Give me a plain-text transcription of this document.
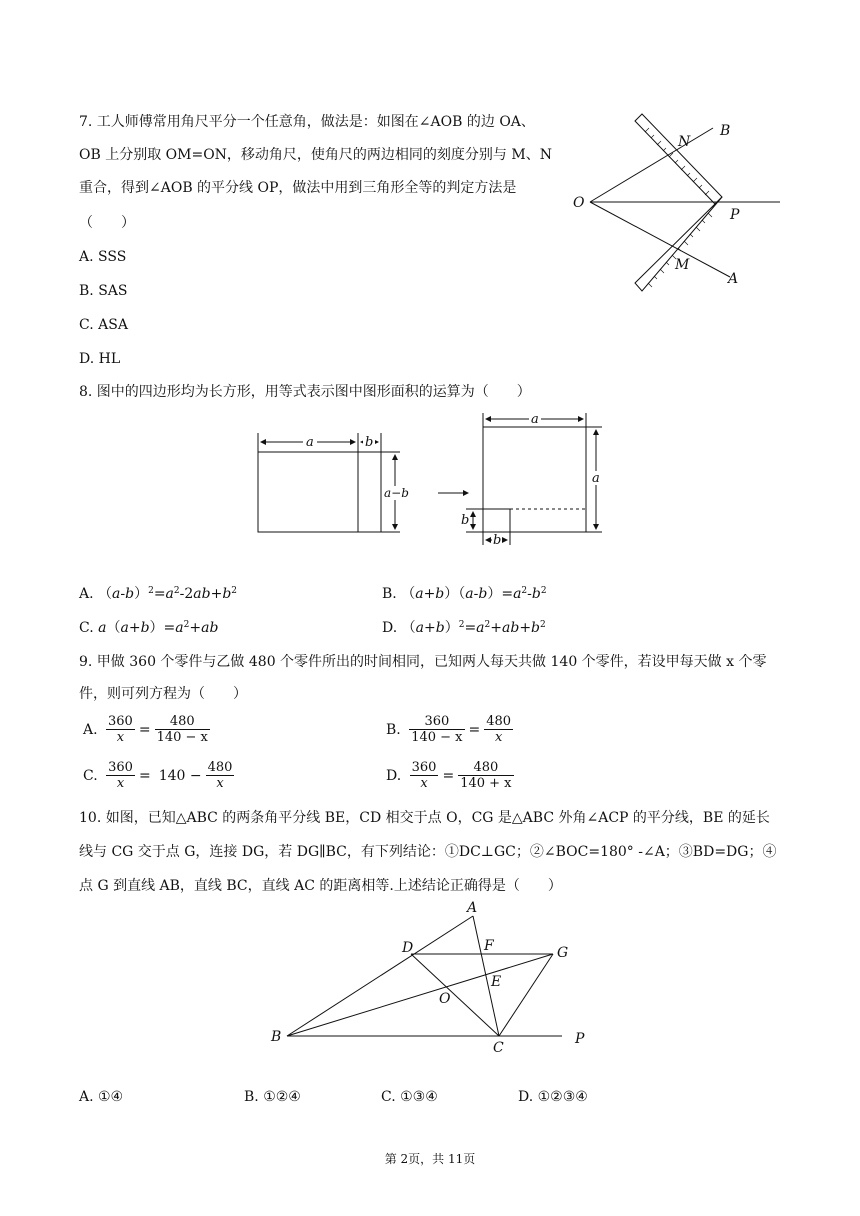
7. 工人师傅常用角尺平分一个任意角，做法是：如图在∠AOB 的边 OA、
OB 上分别取 OM=ON，移动角尺，使角尺的两边相同的刻度分别与 M、N
重合，得到∠AOB 的平分线 OP，做法中用到三角形全等的判定方法是
（　　）
A. SSS
B. SAS
C. ASA
D. HL
N
B
O
P
M
A
8. 图中的四边形均为长方形，用等式表示图中图形面积的运算为（　　）
a	b
a−b
a
a
b
b
A. $(a-b)^2=a^2-2ab+b^2$	B. $(a+b)(a-b)=a^2-b^2$
C. $a(a+b)=a^2+ab$	D. $(a+b)^2=a^2+ab+b^2$
9. 甲做 360 个零件与乙做 480 个零件所出的时间相同，已知两人每天共做 140 个零件，若设甲每天做 x 个零
件，则可列方程为（　　）
A. $\frac{360}{x} = \frac{480}{140 - x}$	B. $\frac{360}{140 - x} = \frac{480}{x}$
C. $\frac{360}{x} = 140 - \frac{480}{x}$	D. $\frac{360}{x} = \frac{480}{140 + x}$
10. 如图，已知△ABC 的两条角平分线 BE，CD 相交于点 O，CG 是△ABC 外角∠ACP 的平分线，BE 的延长
线与 CG 交于点 G，连接 DG，若 DG∥BC，有下列结论：①DC⊥GC；②∠BOC=180° -∠A；③BD=DG；④
点 G 到直线 AB，直线 BC，直线 AC 的距离相等.上述结论正确得是（　　）
A
D	F	G
E
O
B
C
P
A. ①④	B. ①②④	C. ①③④	D. ①②③④
第 2页，共 11页
